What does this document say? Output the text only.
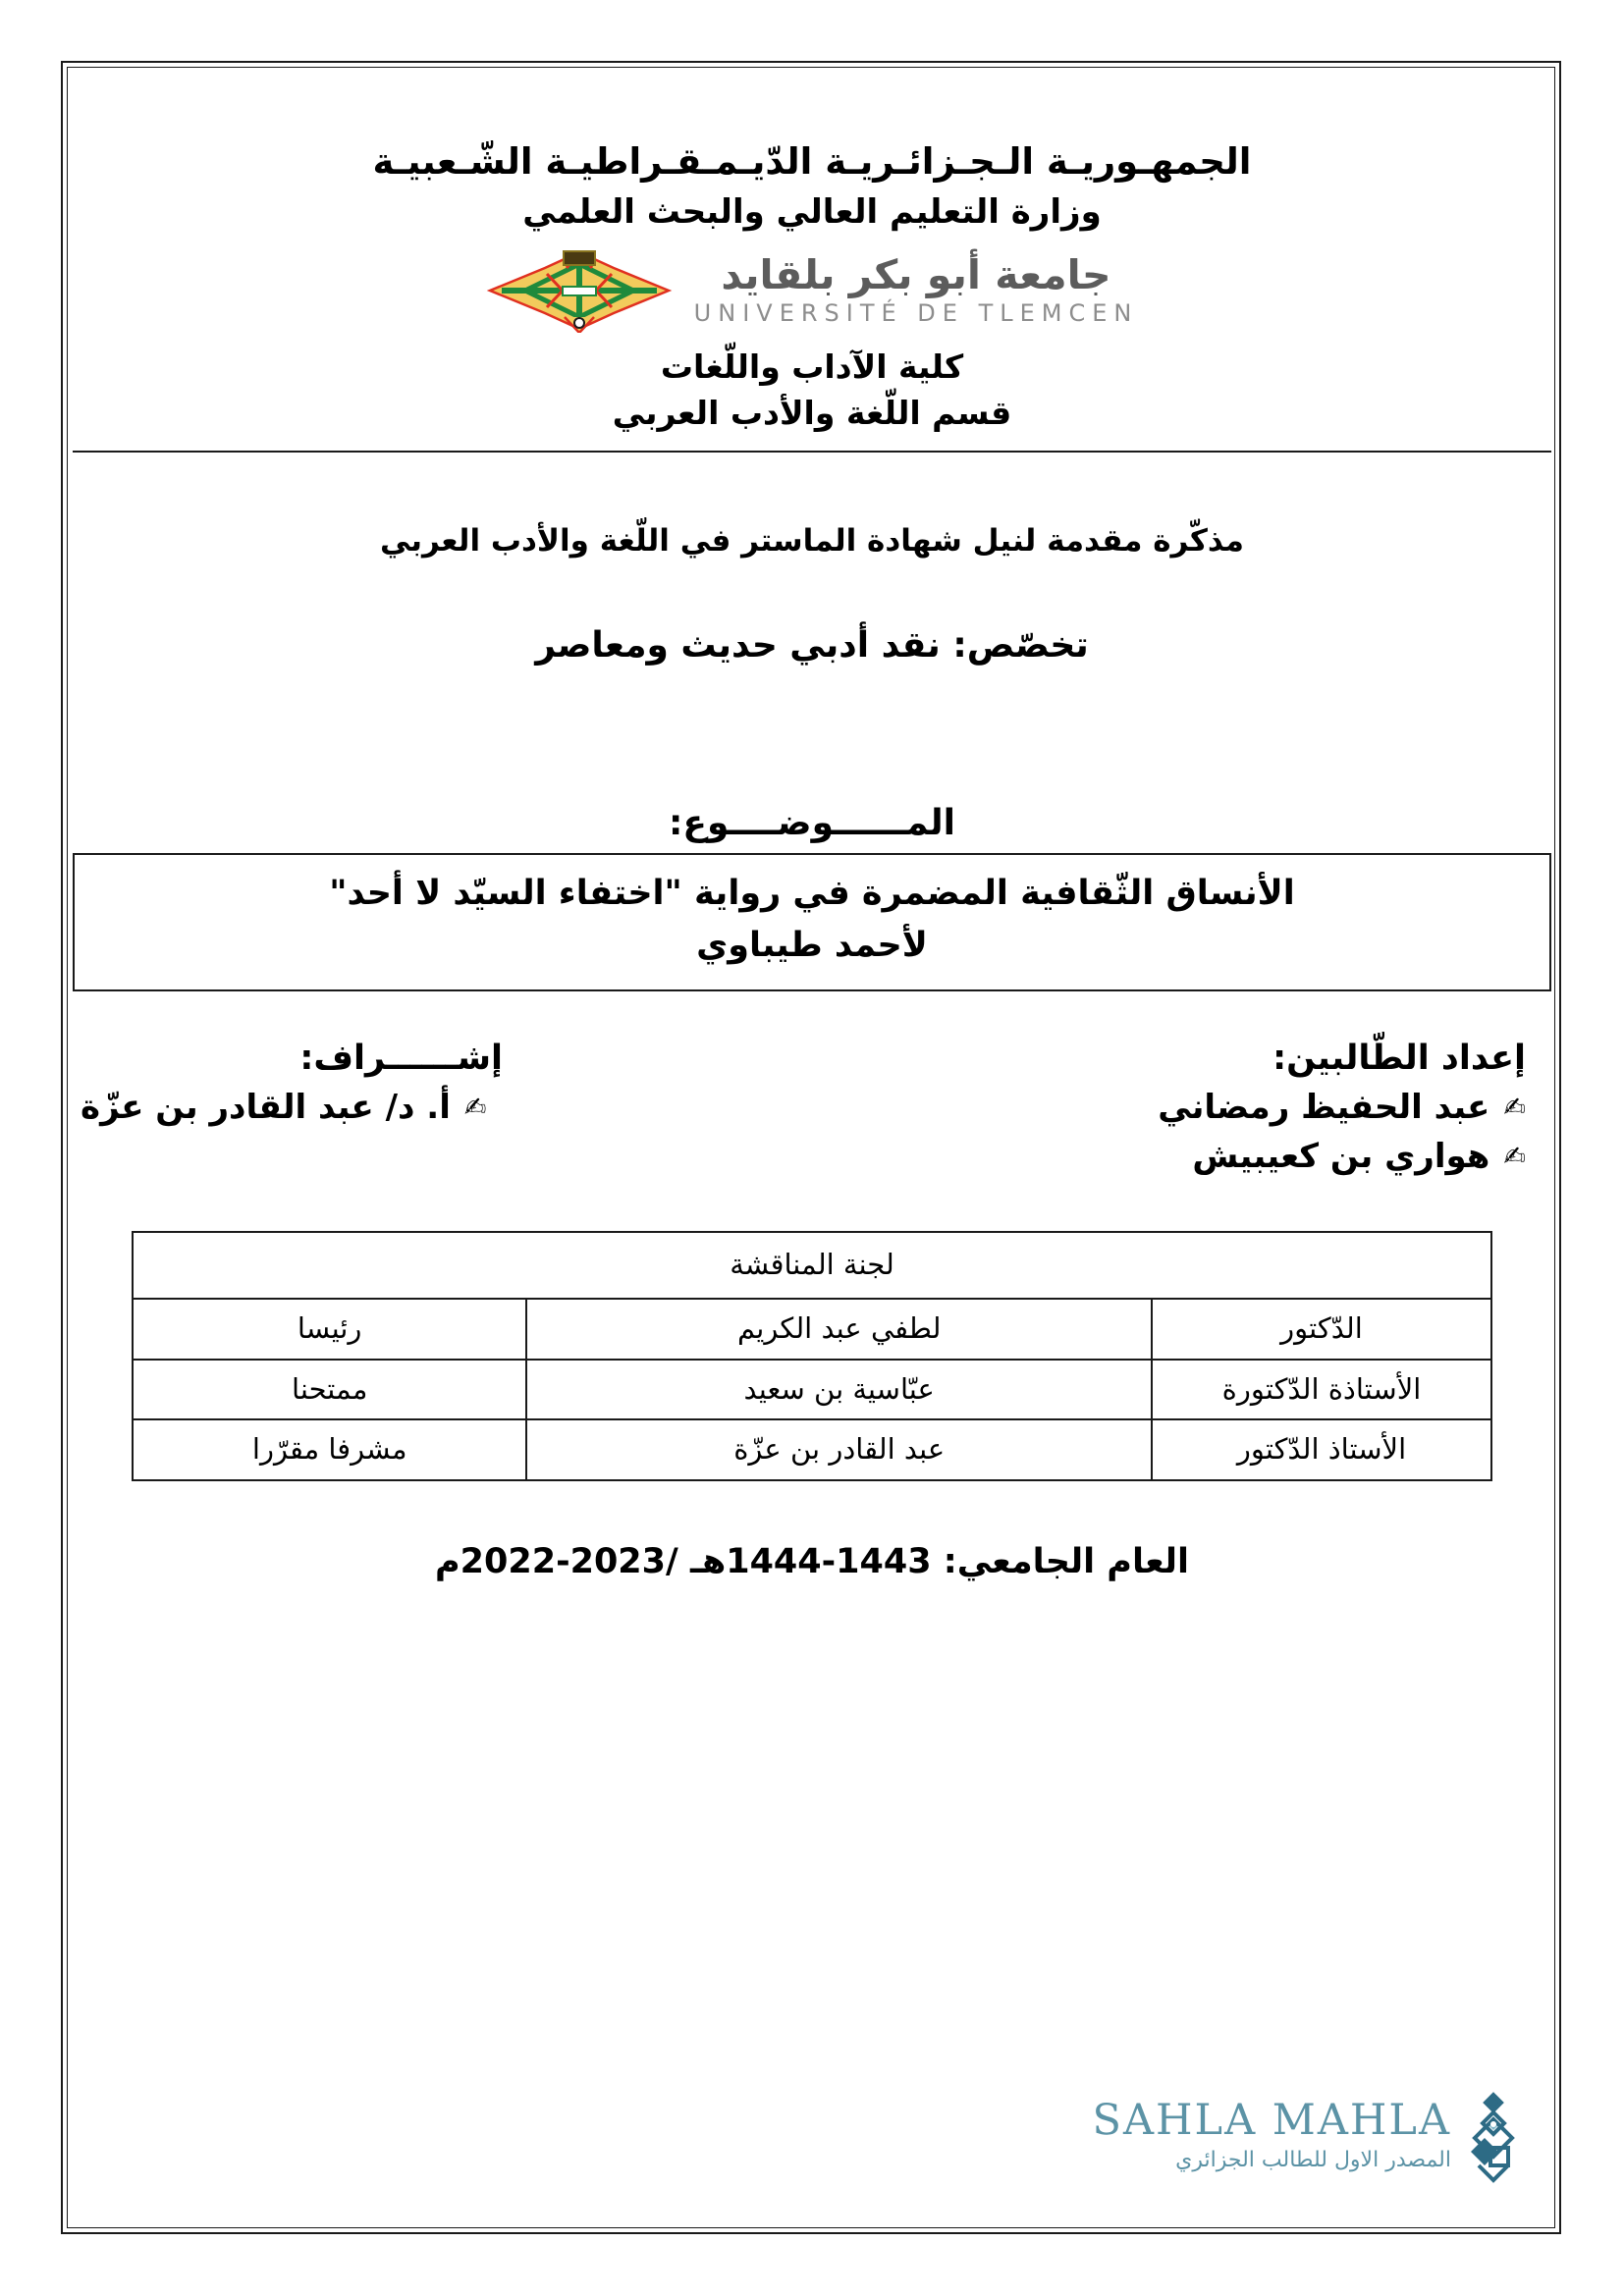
الجمهـوريـة الـجـزائـريـة الدّيـمـقـراطيـة الشّـعبيـة
وزارة التعليم العالي والبحث العلمي
جامعة أبو بكر بلقايد
UNIVERSITÉ DE TLEMCEN
كلية الآداب واللّغات
قسم اللّغة والأدب العربي
مذكّرة مقدمة لنيل شهادة الماستر في اللّغة والأدب العربي
تخصّص: نقد أدبي حديث ومعاصر
المــــــوضــــوع:
الأنساق الثّقافية المضمرة في رواية "اختفاء السيّد لا أحد"
لأحمد طيباوي
إعداد الطّالبين:
✍
عبد الحفيظ رمضاني
✍
هواري بن كعيبيش
إشــــــراف:
✍
أ. د/ عبد القادر بن عزّة
لجنة المناقشة		
الدّكتور	لطفي عبد الكريم	رئيسا
الأستاذة الدّكتورة	عبّاسية بن سعيد	ممتحنا
الأستاذ الدّكتور	عبد القادر بن عزّة	مشرفا مقرّرا
العام الجامعي: 1443-1444هـ /2023-2022م
SAHLA MAHLA
المصدر الاول للطالب الجزائري
